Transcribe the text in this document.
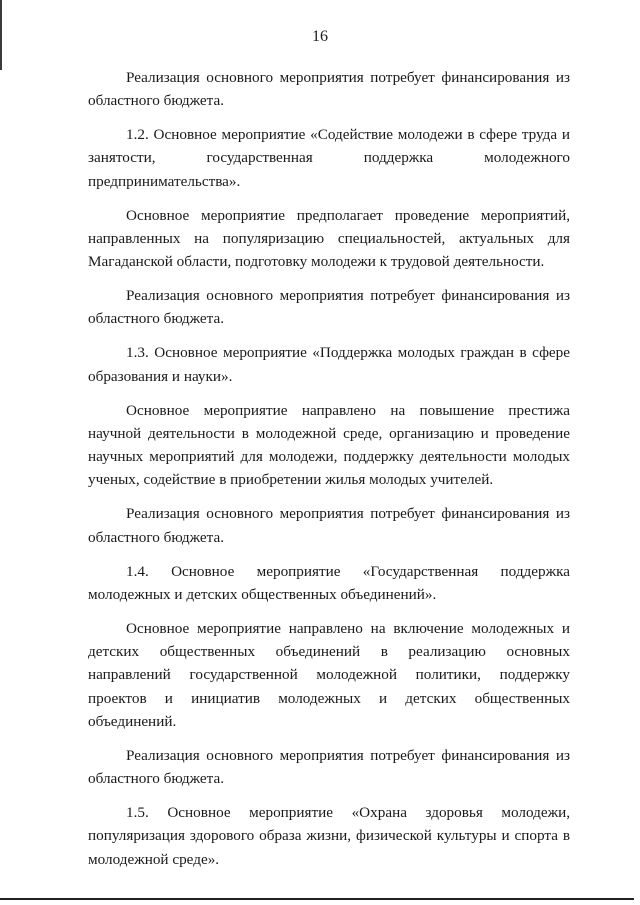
16

Реализация основного мероприятия потребует финансирования из областного бюджета.

1.2. Основное мероприятие «Содействие молодежи в сфере труда и занятости, государственная поддержка молодежного предпринимательства».

Основное мероприятие предполагает проведение мероприятий, направленных на популяризацию специальностей, актуальных для Магаданской области, подготовку молодежи к трудовой деятельности.

Реализация основного мероприятия потребует финансирования из областного бюджета.

1.3. Основное мероприятие «Поддержка молодых граждан в сфере образования и науки».

Основное мероприятие направлено на повышение престижа научной деятельности в молодежной среде, организацию и проведение научных мероприятий для молодежи, поддержку деятельности молодых ученых, содействие в приобретении жилья молодых учителей.

Реализация основного мероприятия потребует финансирования из областного бюджета.

1.4. Основное мероприятие «Государственная поддержка молодежных и детских общественных объединений».

Основное мероприятие направлено на включение молодежных и детских общественных объединений в реализацию основных направлений государственной молодежной политики, поддержку проектов и инициатив молодежных и детских общественных объединений.

Реализация основного мероприятия потребует финансирования из областного бюджета.

1.5. Основное мероприятие «Охрана здоровья молодежи, популяризация здорового образа жизни, физической культуры и спорта в молодежной среде».
